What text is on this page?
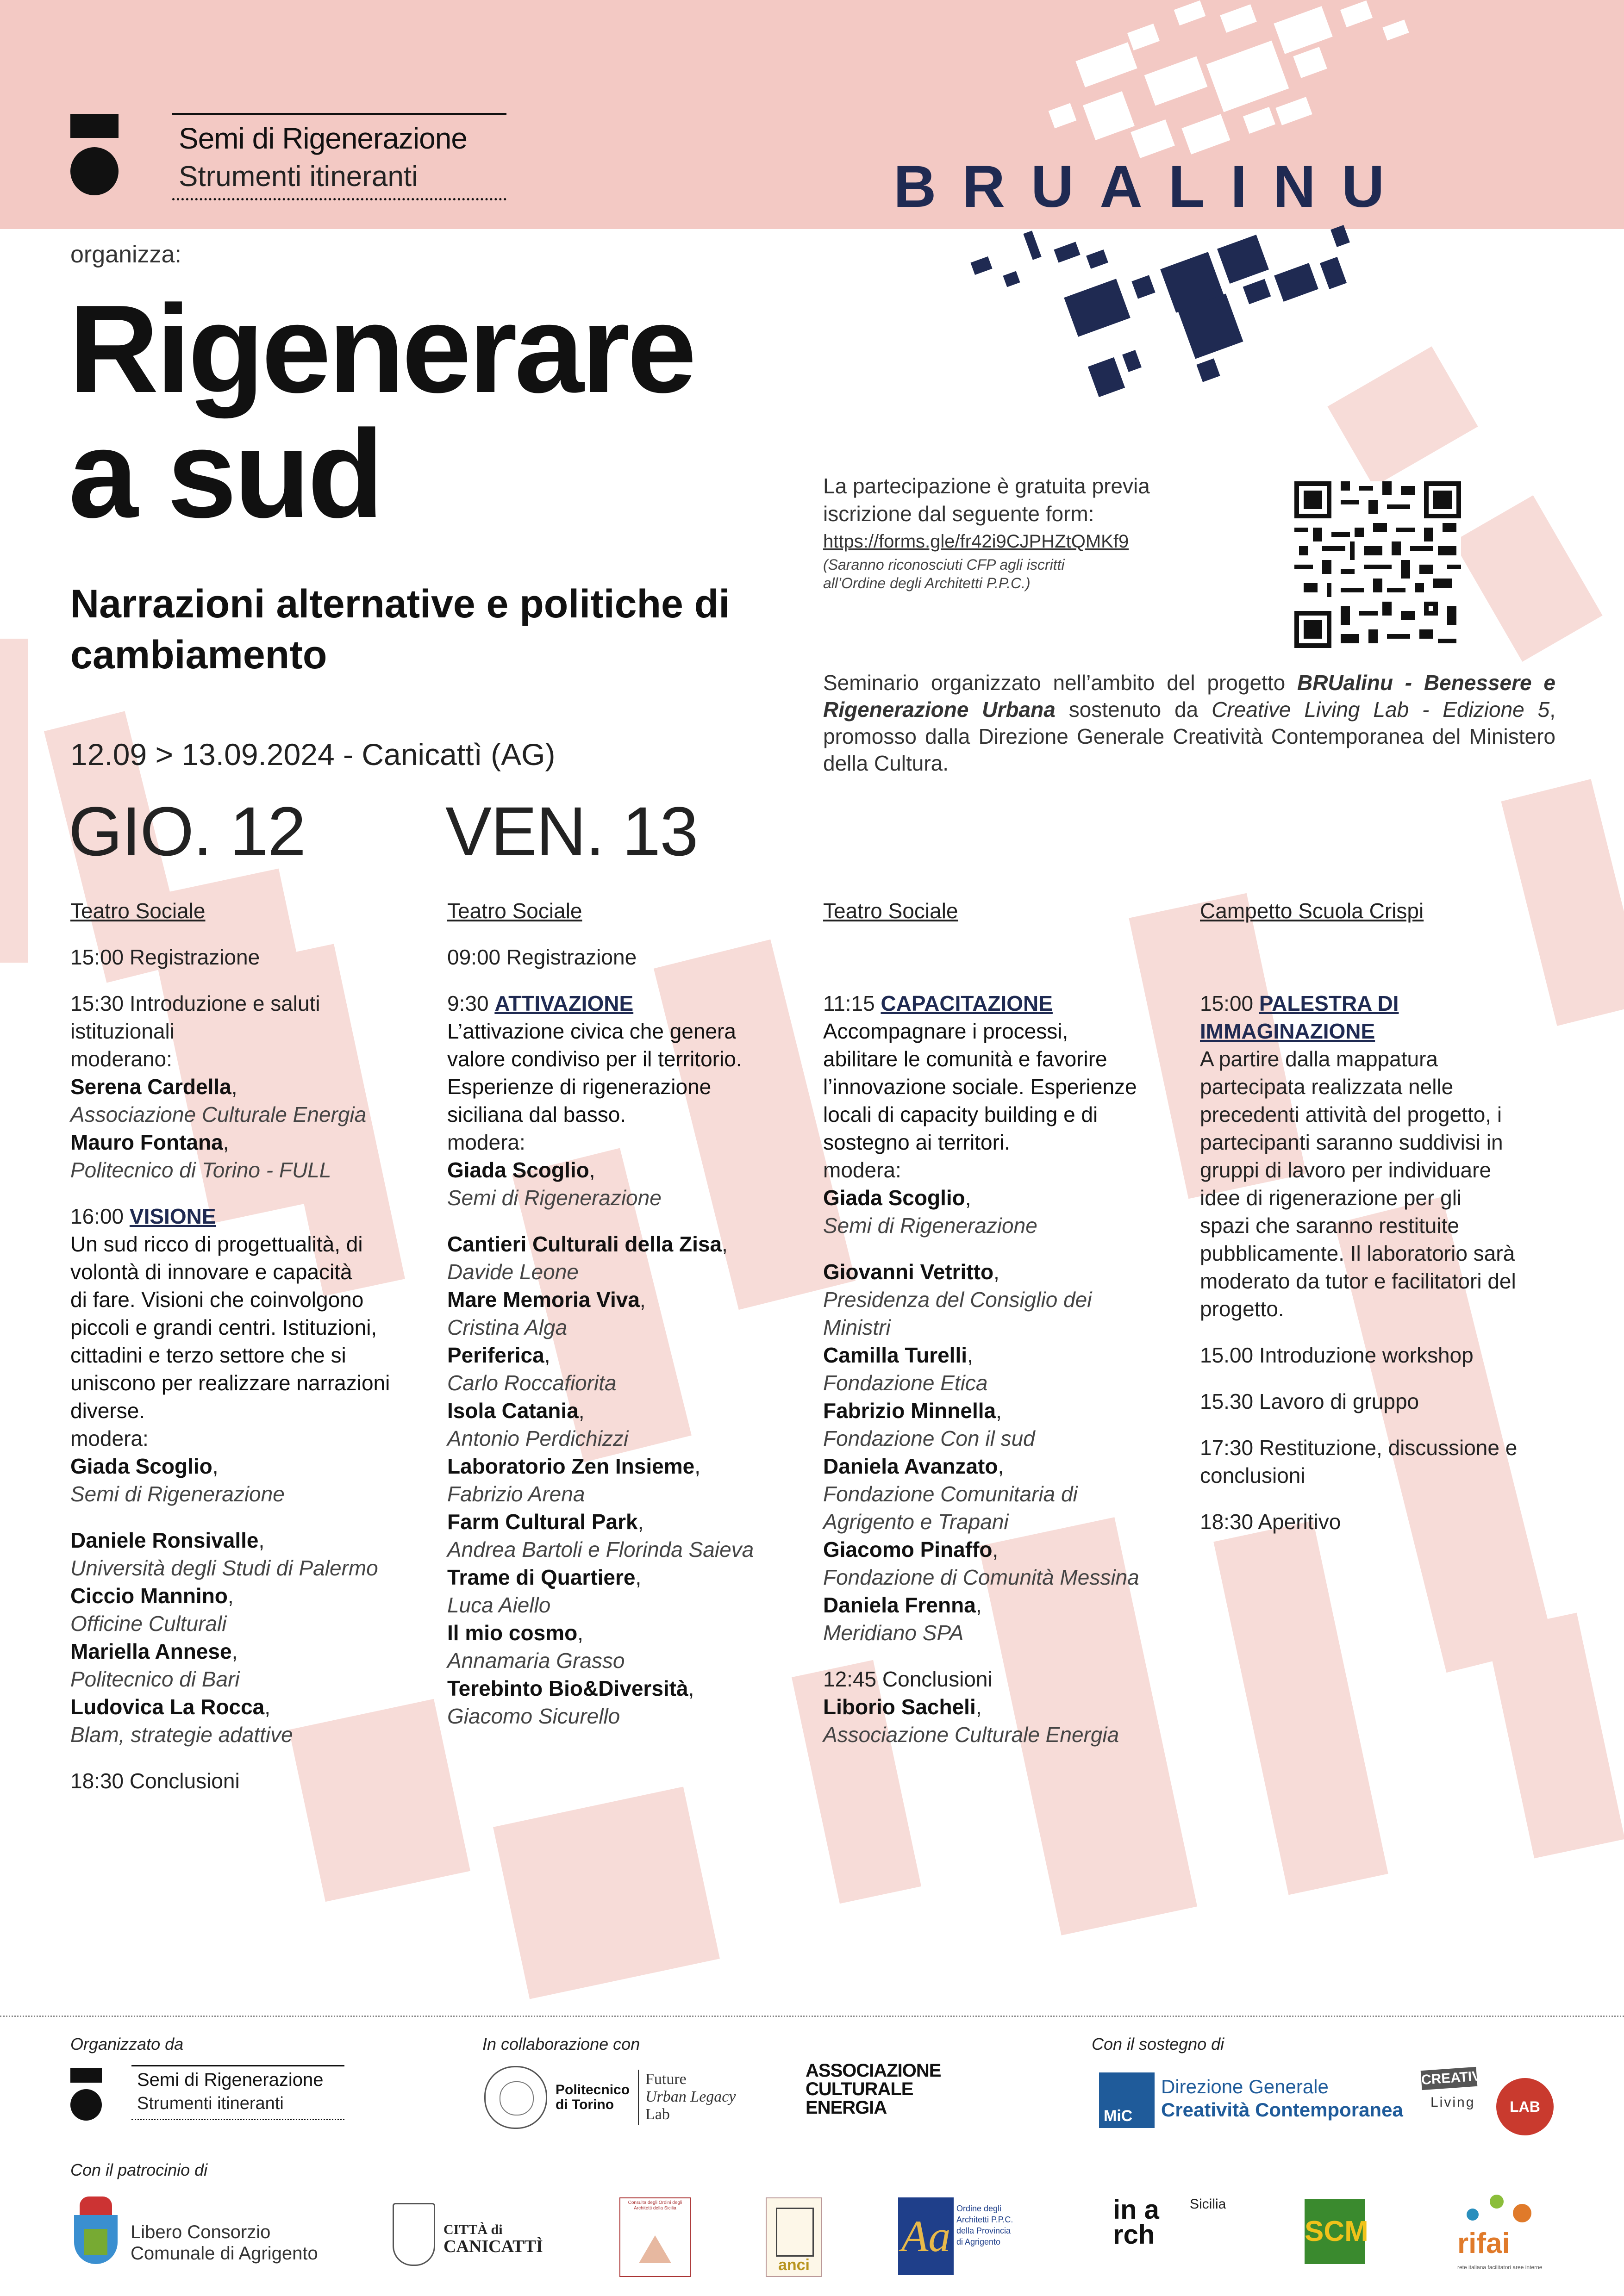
Semi di Rigenerazione
Strumenti itineranti	BRUALINU
organizza:
Rigenerare
a sud
Narrazioni alternative e politiche di
cambiamento
12.09 > 13.09.2024 - Canicattì (AG)
La partecipazione è gratuita previa
iscrizione dal seguente form:
https://forms.gle/fr42i9CJPHZtQMKf9
(Saranno riconosciuti CFP agli iscritti
all’Ordine degli Architetti P.P.C.)
Seminario organizzato nell’ambito del progetto BRUalinu - Benessere e Rigenerazione Urbana sostenuto da Creative Living Lab - Edizione 5, promosso dalla Direzione Generale Creatività Contemporanea del Ministero della Cultura.
GIO. 12 VEN. 13

Teatro Sociale

15:00 Registrazione

15:30 Introduzione e saluti

istituzionali

moderano:

Serena Cardella,

Associazione Culturale Energia

Mauro Fontana,

Politecnico di Torino - FULL

16:00 VISIONE

Un sud ricco di progettualità, di

volontà di innovare e capacità

di fare. Visioni che coinvolgono

piccoli e grandi centri. Istituzioni,

cittadini e terzo settore che si

uniscono per realizzare narrazioni

diverse.

modera:

Giada Scoglio,

Semi di Rigenerazione

Daniele Ronsivalle,

Università degli Studi di Palermo

Ciccio Mannino,

Officine Culturali

Mariella Annese,

Politecnico di Bari

Ludovica La Rocca,

Blam, strategie adattive

18:30 Conclusioni

Teatro Sociale

09:00 Registrazione

9:30 ATTIVAZIONE

L’attivazione civica che genera

valore condiviso per il territorio.

Esperienze di rigenerazione

siciliana dal basso.

modera:

Giada Scoglio,

Semi di Rigenerazione

Cantieri Culturali della Zisa,

Davide Leone

Mare Memoria Viva,

Cristina Alga

Periferica,

Carlo Roccafiorita

Isola Catania,

Antonio Perdichizzi

Laboratorio Zen Insieme,

Fabrizio Arena

Farm Cultural Park,

Andrea Bartoli e Florinda Saieva

Trame di Quartiere,

Luca Aiello

Il mio cosmo,

Annamaria Grasso

Terebinto Bio&Diversità,

Giacomo Sicurello

Teatro Sociale

11:15 CAPACITAZIONE

Accompagnare i processi,

abilitare le comunità e favorire

l’innovazione sociale. Esperienze

locali di capacity building e di

sostegno ai territori.

modera:

Giada Scoglio,

Semi di Rigenerazione

Giovanni Vetritto,

Presidenza del Consiglio dei

Ministri

Camilla Turelli,

Fondazione Etica

Fabrizio Minnella,

Fondazione Con il sud

Daniela Avanzato,

Fondazione Comunitaria di

Agrigento e Trapani

Giacomo Pinaffo,

Fondazione di Comunità Messina

Daniela Frenna,

Meridiano SPA

12:45 Conclusioni

Liborio Sacheli,

Associazione Culturale Energia

Campetto Scuola Crispi

15:00 PALESTRA DI

IMMAGINAZIONE

A partire dalla mappatura

partecipata realizzata nelle

precedenti attività del progetto, i

partecipanti saranno suddivisi in

gruppi di lavoro per individuare

idee di rigenerazione per gli

spazi che saranno restituite

pubblicamente. Il laboratorio sarà

moderato da tutor e facilitatori del

progetto.

15.00 Introduzione workshop

15.30 Lavoro di gruppo

17:30 Restituzione, discussione e

conclusioni

18:30 Aperitivo

Organizzato da	In collaborazione con	Con il sostegno di
Con il patrocinio di
Semi di Rigenerazione
Strumenti itineranti
Politecnico
di Torino
Future
Urban Legacy
Lab
ASSOCIAZIONE
CULTURALE
ENERGIA	MiC
Direzione Generale
Creatività Contemporanea
CREATIVE
Living LAB
Libero Consorzio
Comunale di Agrigento
CITTÀ di
CANICATTÌ
Consulta degli Ordini degli Architetti della Sicilia
anci
Aa
Ordine degli
Architetti P.P.C.
della Provincia
di Agrigento
in arch
Sicilia
SCM	rifai
rete italiana facilitatori aree interne
